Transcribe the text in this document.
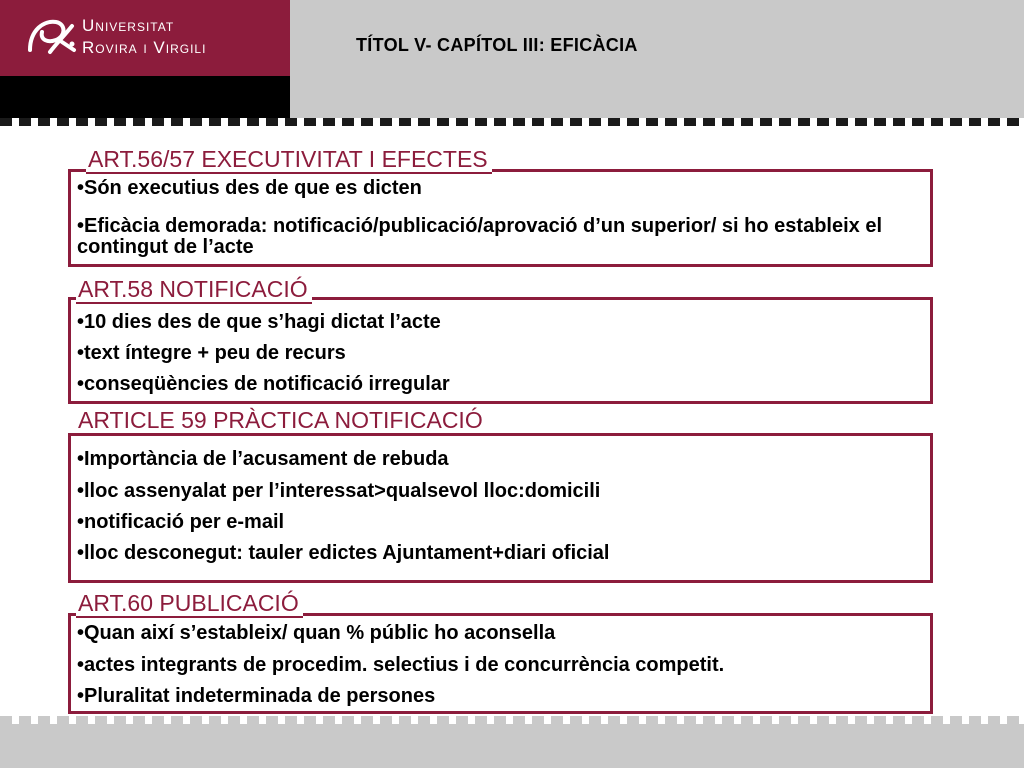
Universitat
Rovira i Virgili	TÍTOL V- CAPÍTOL III: EFICÀCIA
ART.56/57 EXECUTIVITAT I EFECTES
•Són executius des de que es dicten
•Eficàcia demorada: notificació/publicació/aprovació d’un superior/ si ho estableix el contingut de l’acte
ART.58 NOTIFICACIÓ
•10 dies des de que s’hagi dictat l’acte
•text íntegre + peu de recurs
•conseqüències de notificació irregular
ARTICLE 59 PRÀCTICA NOTIFICACIÓ
•Importància de l’acusament de rebuda
•lloc assenyalat per l’interessat>qualsevol lloc:domicili
•notificació per e-mail
•lloc desconegut: tauler edictes Ajuntament+diari oficial
ART.60 PUBLICACIÓ
•Quan així s’estableix/ quan % públic ho aconsella
•actes integrants de procedim. selectius i de concurrència competit.
•Pluralitat indeterminada de persones
